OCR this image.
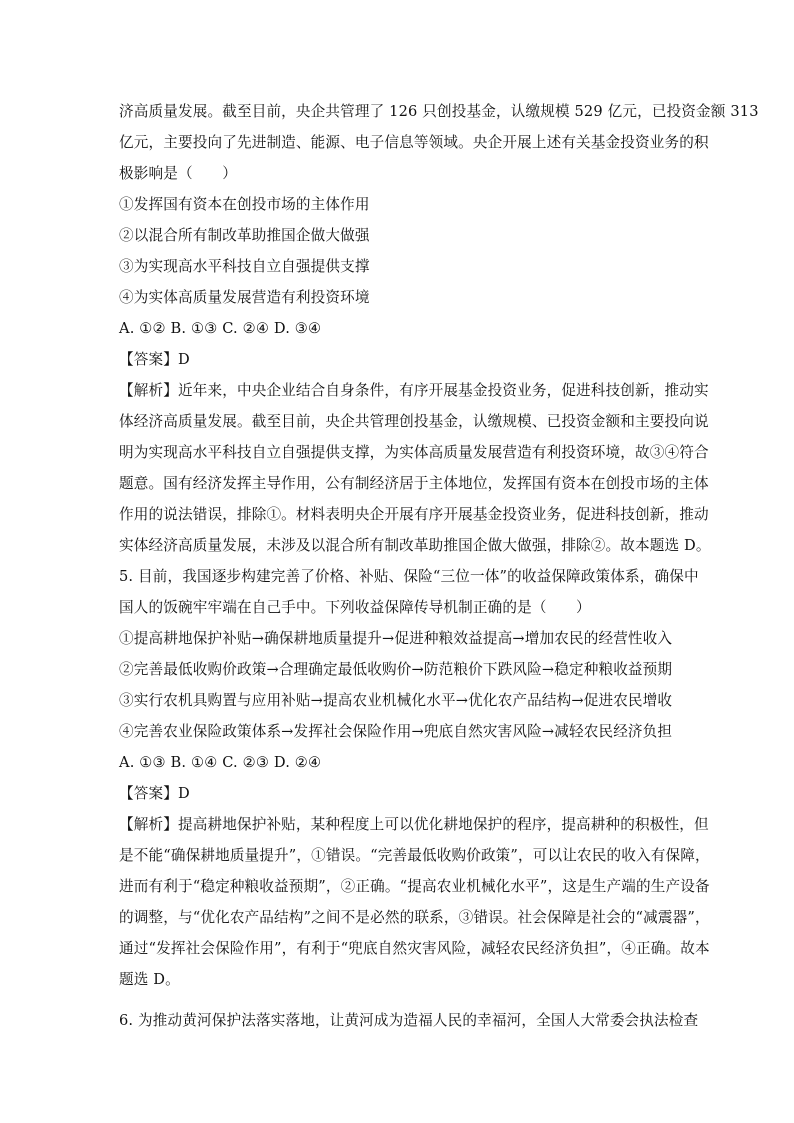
济高质量发展。截至目前，央企共管理了 126 只创投基金，认缴规模 529 亿元，已投资金额 313
亿元，主要投向了先进制造、能源、电子信息等领域。央企开展上述有关基金投资业务的积
极影响是（　　）
①发挥国有资本在创投市场的主体作用
②以混合所有制改革助推国企做大做强
③为实现高水平科技自立自强提供支撑
④为实体高质量发展营造有利投资环境
A. ①② B. ①③ C. ②④ D. ③④
【答案】D
【解析】近年来，中央企业结合自身条件，有序开展基金投资业务，促进科技创新，推动实
体经济高质量发展。截至目前，央企共管理创投基金，认缴规模、已投资金额和主要投向说
明为实现高水平科技自立自强提供支撑，为实体高质量发展营造有利投资环境，故③④符合
题意。国有经济发挥主导作用，公有制经济居于主体地位，发挥国有资本在创投市场的主体
作用的说法错误，排除①。材料表明央企开展有序开展基金投资业务，促进科技创新，推动
实体经济高质量发展，未涉及以混合所有制改革助推国企做大做强，排除②。故本题选 D。
5. 目前，我国逐步构建完善了价格、补贴、保险“三位一体”的收益保障政策体系，确保中
国人的饭碗牢牢端在自己手中。下列收益保障传导机制正确的是（　　）
①提高耕地保护补贴→确保耕地质量提升→促进种粮效益提高→增加农民的经营性收入
②完善最低收购价政策→合理确定最低收购价→防范粮价下跌风险→稳定种粮收益预期
③实行农机具购置与应用补贴→提高农业机械化水平→优化农产品结构→促进农民增收
④完善农业保险政策体系→发挥社会保险作用→兜底自然灾害风险→减轻农民经济负担
A. ①③ B. ①④ C. ②③ D. ②④
【答案】D
【解析】提高耕地保护补贴，某种程度上可以优化耕地保护的程序，提高耕种的积极性，但
是不能“确保耕地质量提升”，①错误。“完善最低收购价政策”，可以让农民的收入有保障，
进而有利于“稳定种粮收益预期”，②正确。“提高农业机械化水平”，这是生产端的生产设备
的调整，与“优化农产品结构”之间不是必然的联系，③错误。社会保障是社会的“减震器”，
通过“发挥社会保险作用”，有利于“兜底自然灾害风险，减轻农民经济负担”，④正确。故本
题选 D。
6. 为推动黄河保护法落实落地，让黄河成为造福人民的幸福河，全国人大常委会执法检查
